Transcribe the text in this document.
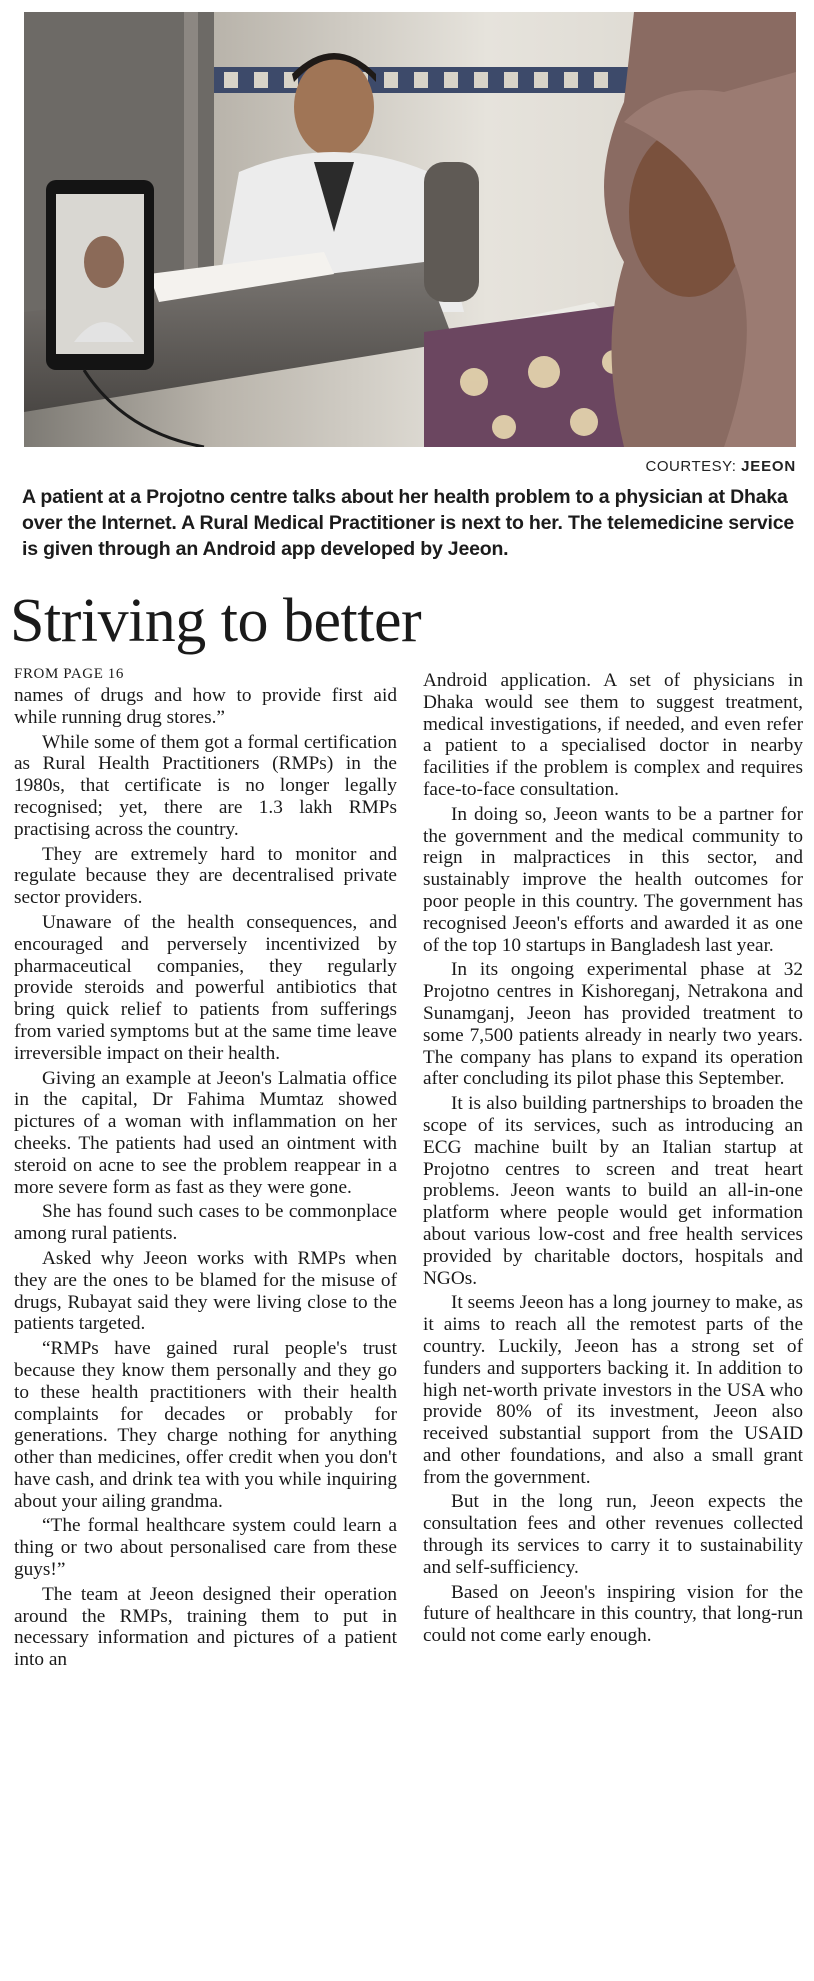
COURTESY: JEEON
A patient at a Projotno centre talks about her health problem to a physician at Dhaka over the Internet. A Rural Medical Practitioner is next to her. The telemedicine service is given through an Android app developed by Jeeon.
Striving to better
FROM PAGE 16

names of drugs and how to provide first aid while running drug stores.”

While some of them got a formal certification as Rural Health Practitioners (RMPs) in the 1980s, that certificate is no longer legally recognised; yet, there are 1.3 lakh RMPs practising across the country.

They are extremely hard to monitor and regulate because they are decentralised private sector providers.

Unaware of the health consequences, and encouraged and perversely incentivized by pharmaceutical companies, they regularly provide steroids and powerful antibiotics that bring quick relief to patients from sufferings from varied symptoms but at the same time leave irreversible impact on their health.

Giving an example at Jeeon's Lalmatia office in the capital, Dr Fahima Mumtaz showed pictures of a woman with inflammation on her cheeks. The patients had used an ointment with steroid on acne to see the problem reappear in a more severe form as fast as they were gone.

She has found such cases to be commonplace among rural patients.

Asked why Jeeon works with RMPs when they are the ones to be blamed for the misuse of drugs, Rubayat said they were living close to the patients targeted.

“RMPs have gained rural people's trust because they know them personally and they go to these health practitioners with their health complaints for decades or probably for generations. They charge nothing for anything other than medicines, offer credit when you don't have cash, and drink tea with you while inquiring about your ailing grandma.

“The formal healthcare system could learn a thing or two about personalised care from these guys!”

The team at Jeeon designed their operation around the RMPs, training them to put in necessary information and pictures of a patient into an

Android application. A set of physicians in Dhaka would see them to suggest treatment, medical investigations, if needed, and even refer a patient to a specialised doctor in nearby facilities if the problem is complex and requires face-to-face consultation.

In doing so, Jeeon wants to be a partner for the government and the medical community to reign in malpractices in this sector, and sustainably improve the health outcomes for poor people in this country. The government has recognised Jeeon's efforts and awarded it as one of the top 10 startups in Bangladesh last year.

In its ongoing experimental phase at 32 Projotno centres in Kishoreganj, Netrakona and Sunamganj, Jeeon has provided treatment to some 7,500 patients already in nearly two years. The company has plans to expand its operation after concluding its pilot phase this September.

It is also building partnerships to broaden the scope of its services, such as introducing an ECG machine built by an Italian startup at Projotno centres to screen and treat heart problems. Jeeon wants to build an all-in-one platform where people would get information about various low-cost and free health services provided by charitable doctors, hospitals and NGOs.

It seems Jeeon has a long journey to make, as it aims to reach all the remotest parts of the country. Luckily, Jeeon has a strong set of funders and supporters backing it. In addition to high net-worth private investors in the USA who provide 80% of its investment, Jeeon also received substantial support from the USAID and other foundations, and also a small grant from the government.

But in the long run, Jeeon expects the consultation fees and other revenues collected through its services to carry it to sustainability and self-sufficiency.

Based on Jeeon's inspiring vision for the future of healthcare in this country, that long-run could not come early enough.
